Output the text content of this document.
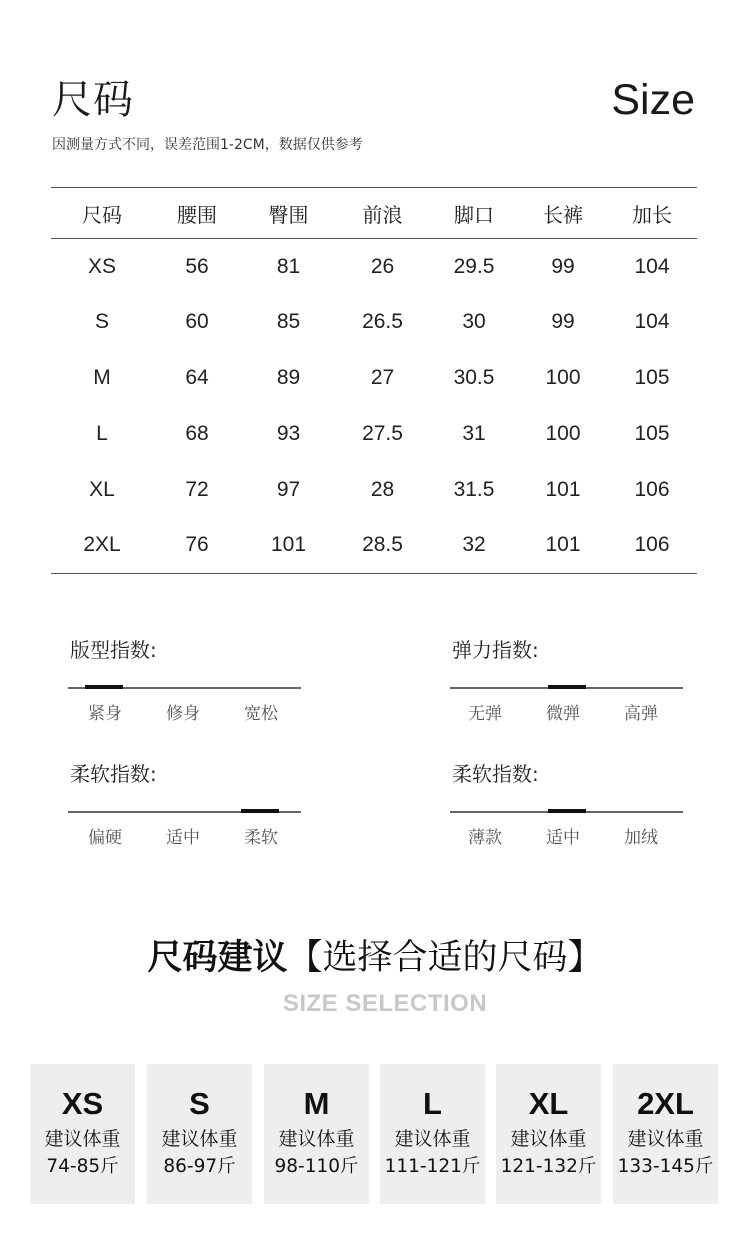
尺码	Size
因测量方式不同，误差范围1-2CM，数据仅供参考
尺码	腰围	臀围	前浪	脚口	长裤	加长
XS	56	81	26	29.5	99	104
S	60	85	26.5	30	99	104
M	64	89	27	30.5	100	105
L	68	93	27.5	31	100	105
XL	72	97	28	31.5	101	106
2XL	76	101	28.5	32	101	106
版型指数:
紧身	修身	宽松
弹力指数:
无弹	微弹	高弹
柔软指数:
偏硬	适中	柔软
柔软指数:
薄款	适中	加绒
尺码建议【选择合适的尺码】
SIZE SELECTION
XS
建议体重
74-85斤
S
建议体重
86-97斤
M
建议体重
98-110斤
L
建议体重
111-121斤
XL
建议体重
121-132斤
2XL
建议体重
133-145斤
